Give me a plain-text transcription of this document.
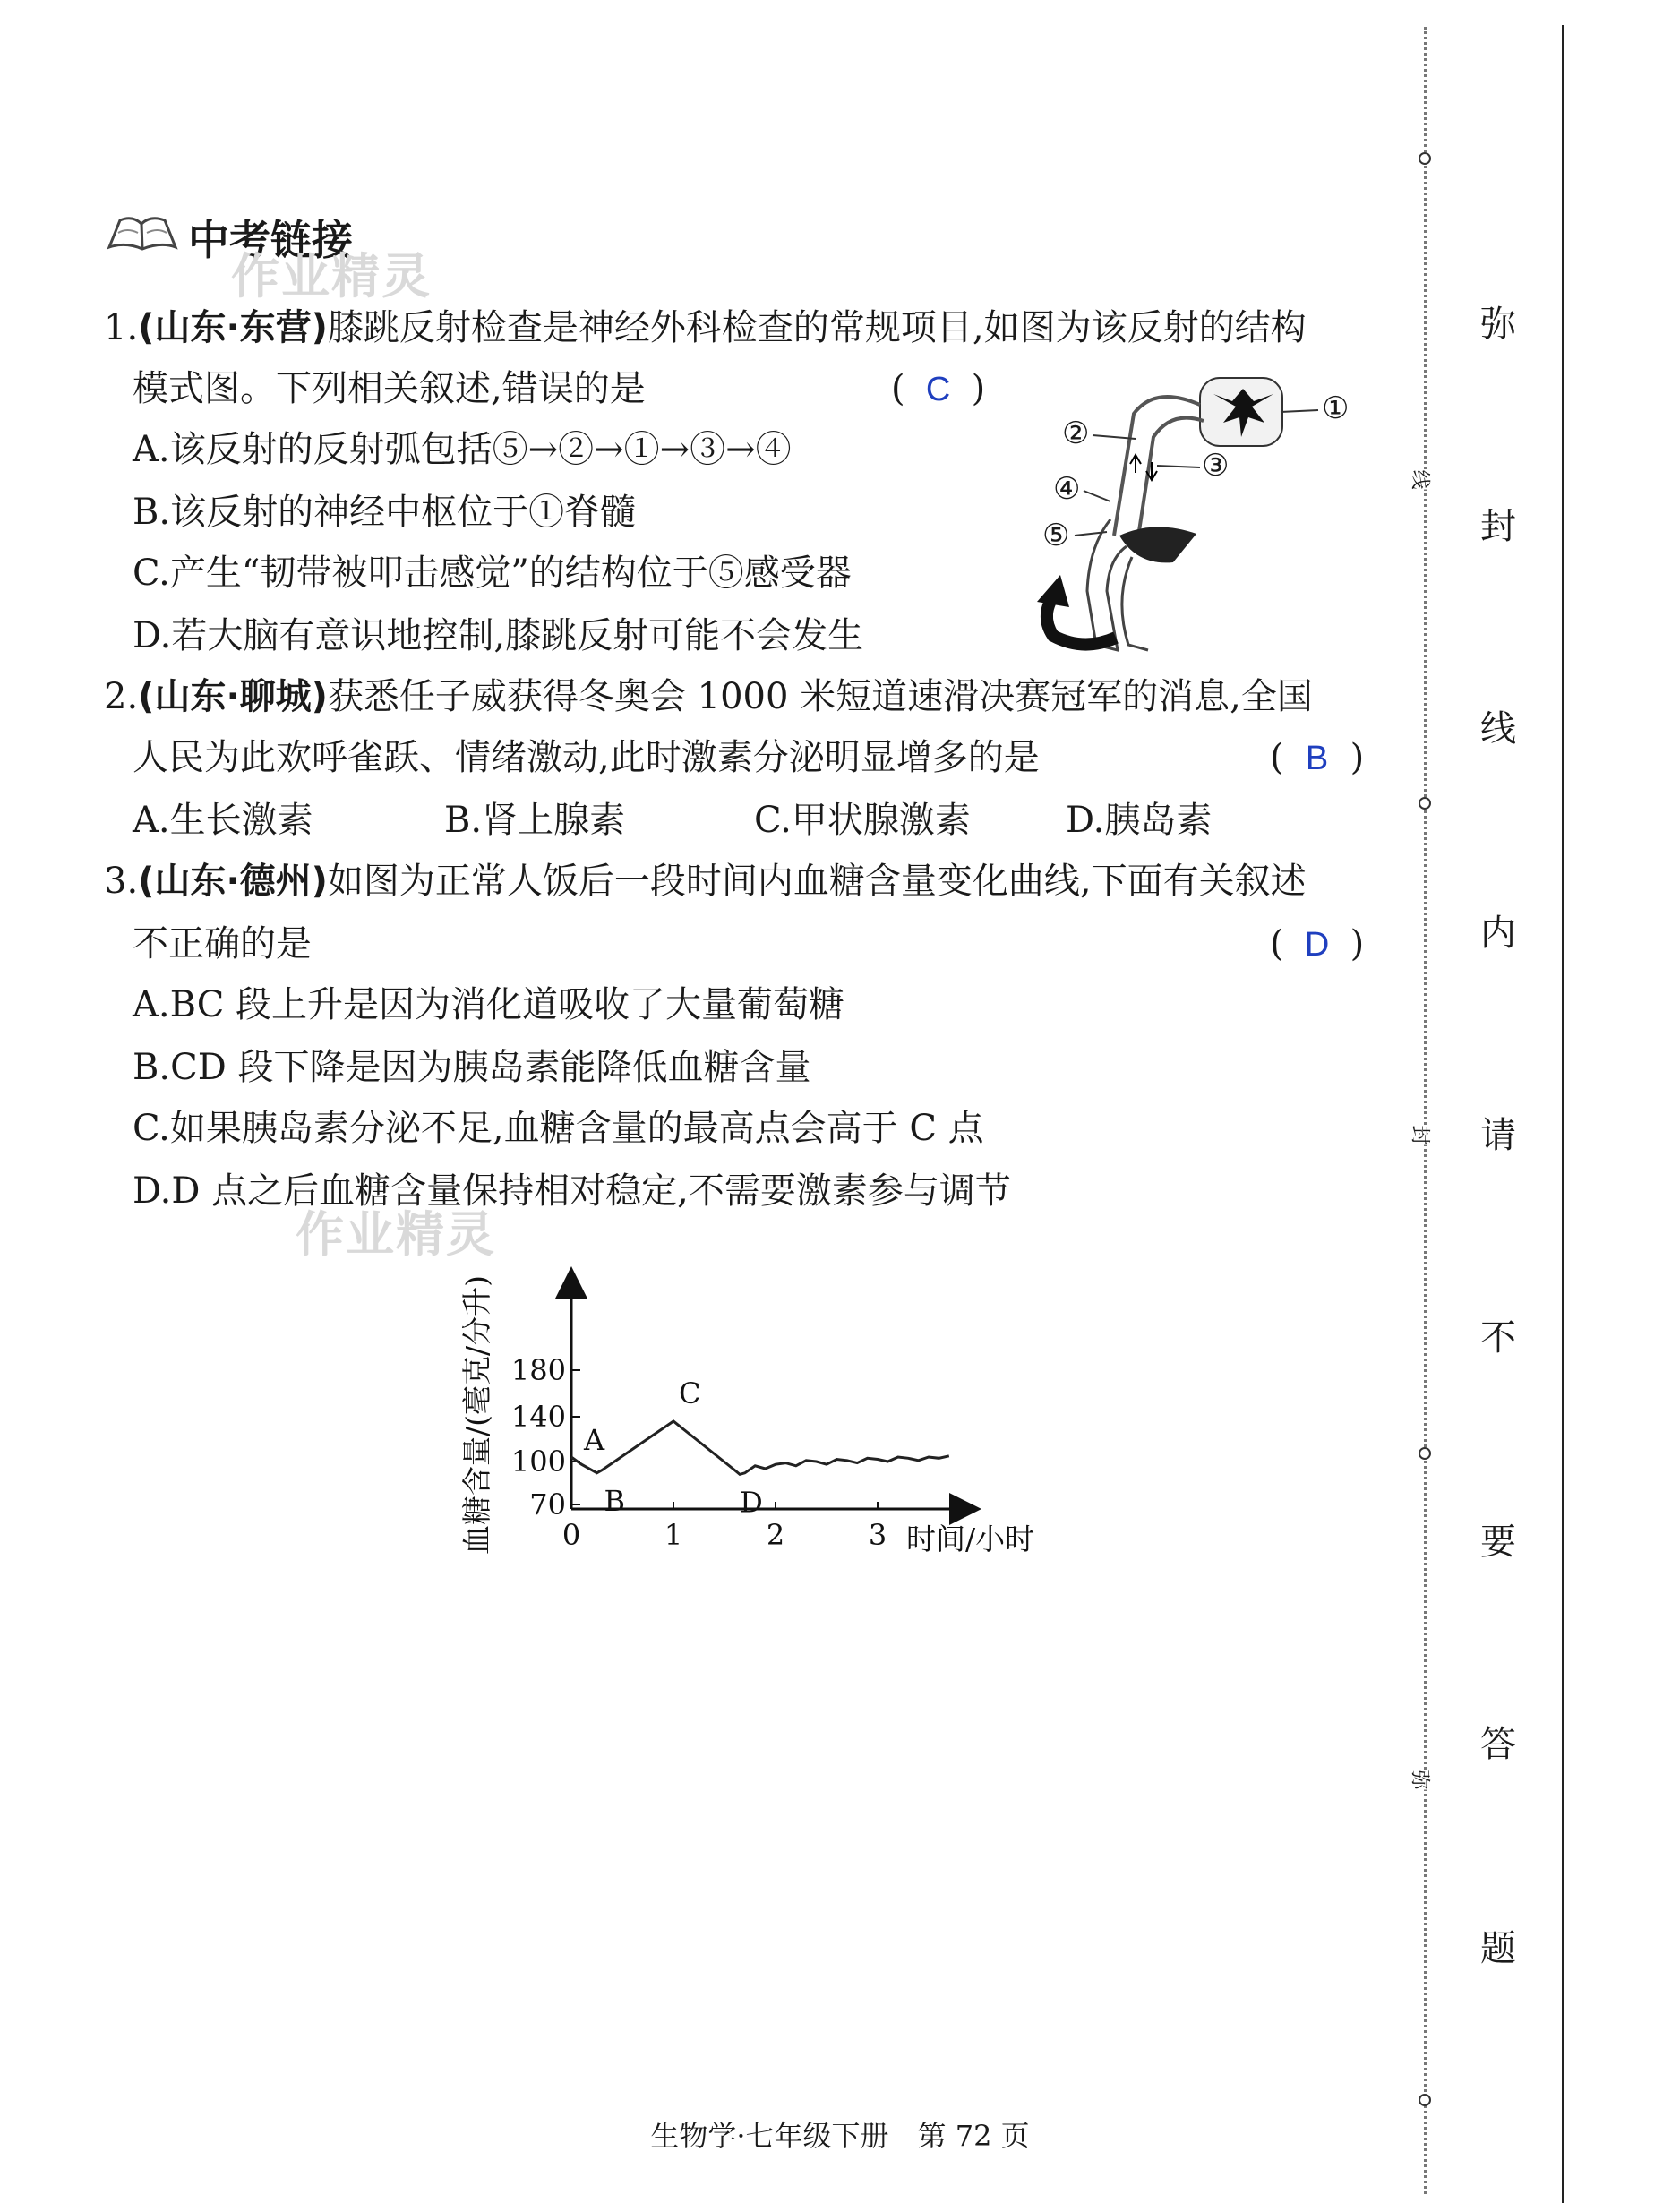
中考链接
作业精灵
1.(山东·东营)膝跳反射检查是神经外科检查的常规项目,如图为该反射的结构
模式图。下列相关叙述,错误的是	( C )
A.该反射的反射弧包括⑤→②→①→③→④
B.该反射的神经中枢位于①脊髓
C.产生“韧带被叩击感觉”的结构位于⑤感受器
D.若大脑有意识地控制,膝跳反射可能不会发生
①
②
③
④
⑤
2.(山东·聊城)获悉任子威获得冬奥会 1000 米短道速滑决赛冠军的消息,全国
人民为此欢呼雀跃、情绪激动,此时激素分泌明显增多的是	( B )
A.生长激素	B.肾上腺素	C.甲状腺激素	D.胰岛素
3.(山东·德州)如图为正常人饭后一段时间内血糖含量变化曲线,下面有关叙述
不正确的是	( D )
A.BC 段上升是因为消化道吸收了大量葡萄糖
B.CD 段下降是因为胰岛素能降低血糖含量
C.如果胰岛素分泌不足,血糖含量的最高点会高于 C 点
D.D 点之后血糖含量保持相对稳定,不需要激素参与调节
作业精灵
0	1	2	3
70
100
140
180
A
B
C
D
时间/小时
血糖含量/(毫克/分升)
生物学·七年级下册　第 72 页
线
封
弥
弥
封
线
内
请
不
要
答
题
